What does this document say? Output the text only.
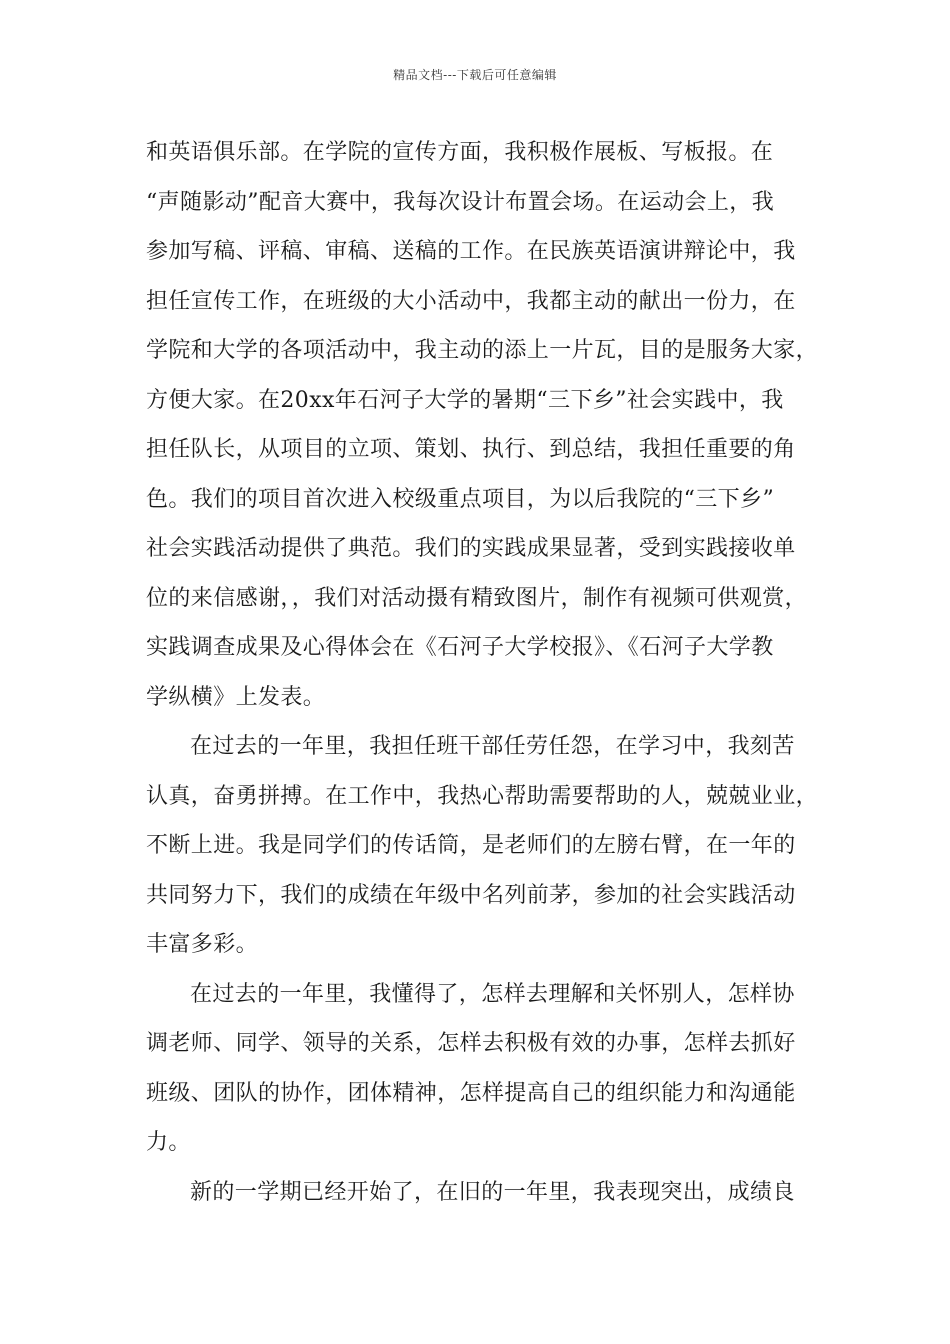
精品文档---下载后可任意编辑
和英语俱乐部。在学院的宣传方面，我积极作展板、写板报。在
“声随影动”配音大赛中，我每次设计布置会场。在运动会上，我
参加写稿、评稿、审稿、送稿的工作。在民族英语演讲辩论中，我
担任宣传工作，在班级的大小活动中，我都主动的献出一份力，在
学院和大学的各项活动中，我主动的添上一片瓦，目的是服务大家，
方便大家。在20xx年石河子大学的暑期“三下乡”社会实践中，我
担任队长，从项目的立项、策划、执行、到总结，我担任重要的角
色。我们的项目首次进入校级重点项目，为以后我院的“三下乡”
社会实践活动提供了典范。我们的实践成果显著，受到实践接收单
位的来信感谢，，我们对活动摄有精致图片，制作有视频可供观赏，
实践调查成果及心得体会在《石河子大学校报》、《石河子大学教
学纵横》上发表。
在过去的一年里，我担任班干部任劳任怨，在学习中，我刻苦
认真，奋勇拼搏。在工作中，我热心帮助需要帮助的人，兢兢业业，
不断上进。我是同学们的传话筒，是老师们的左膀右臂，在一年的
共同努力下，我们的成绩在年级中名列前茅，参加的社会实践活动
丰富多彩。
在过去的一年里，我懂得了，怎样去理解和关怀别人，怎样协
调老师、同学、领导的关系，怎样去积极有效的办事，怎样去抓好
班级、团队的协作，团体精神，怎样提高自己的组织能力和沟通能
力。
新的一学期已经开始了，在旧的一年里，我表现突出，成绩良
